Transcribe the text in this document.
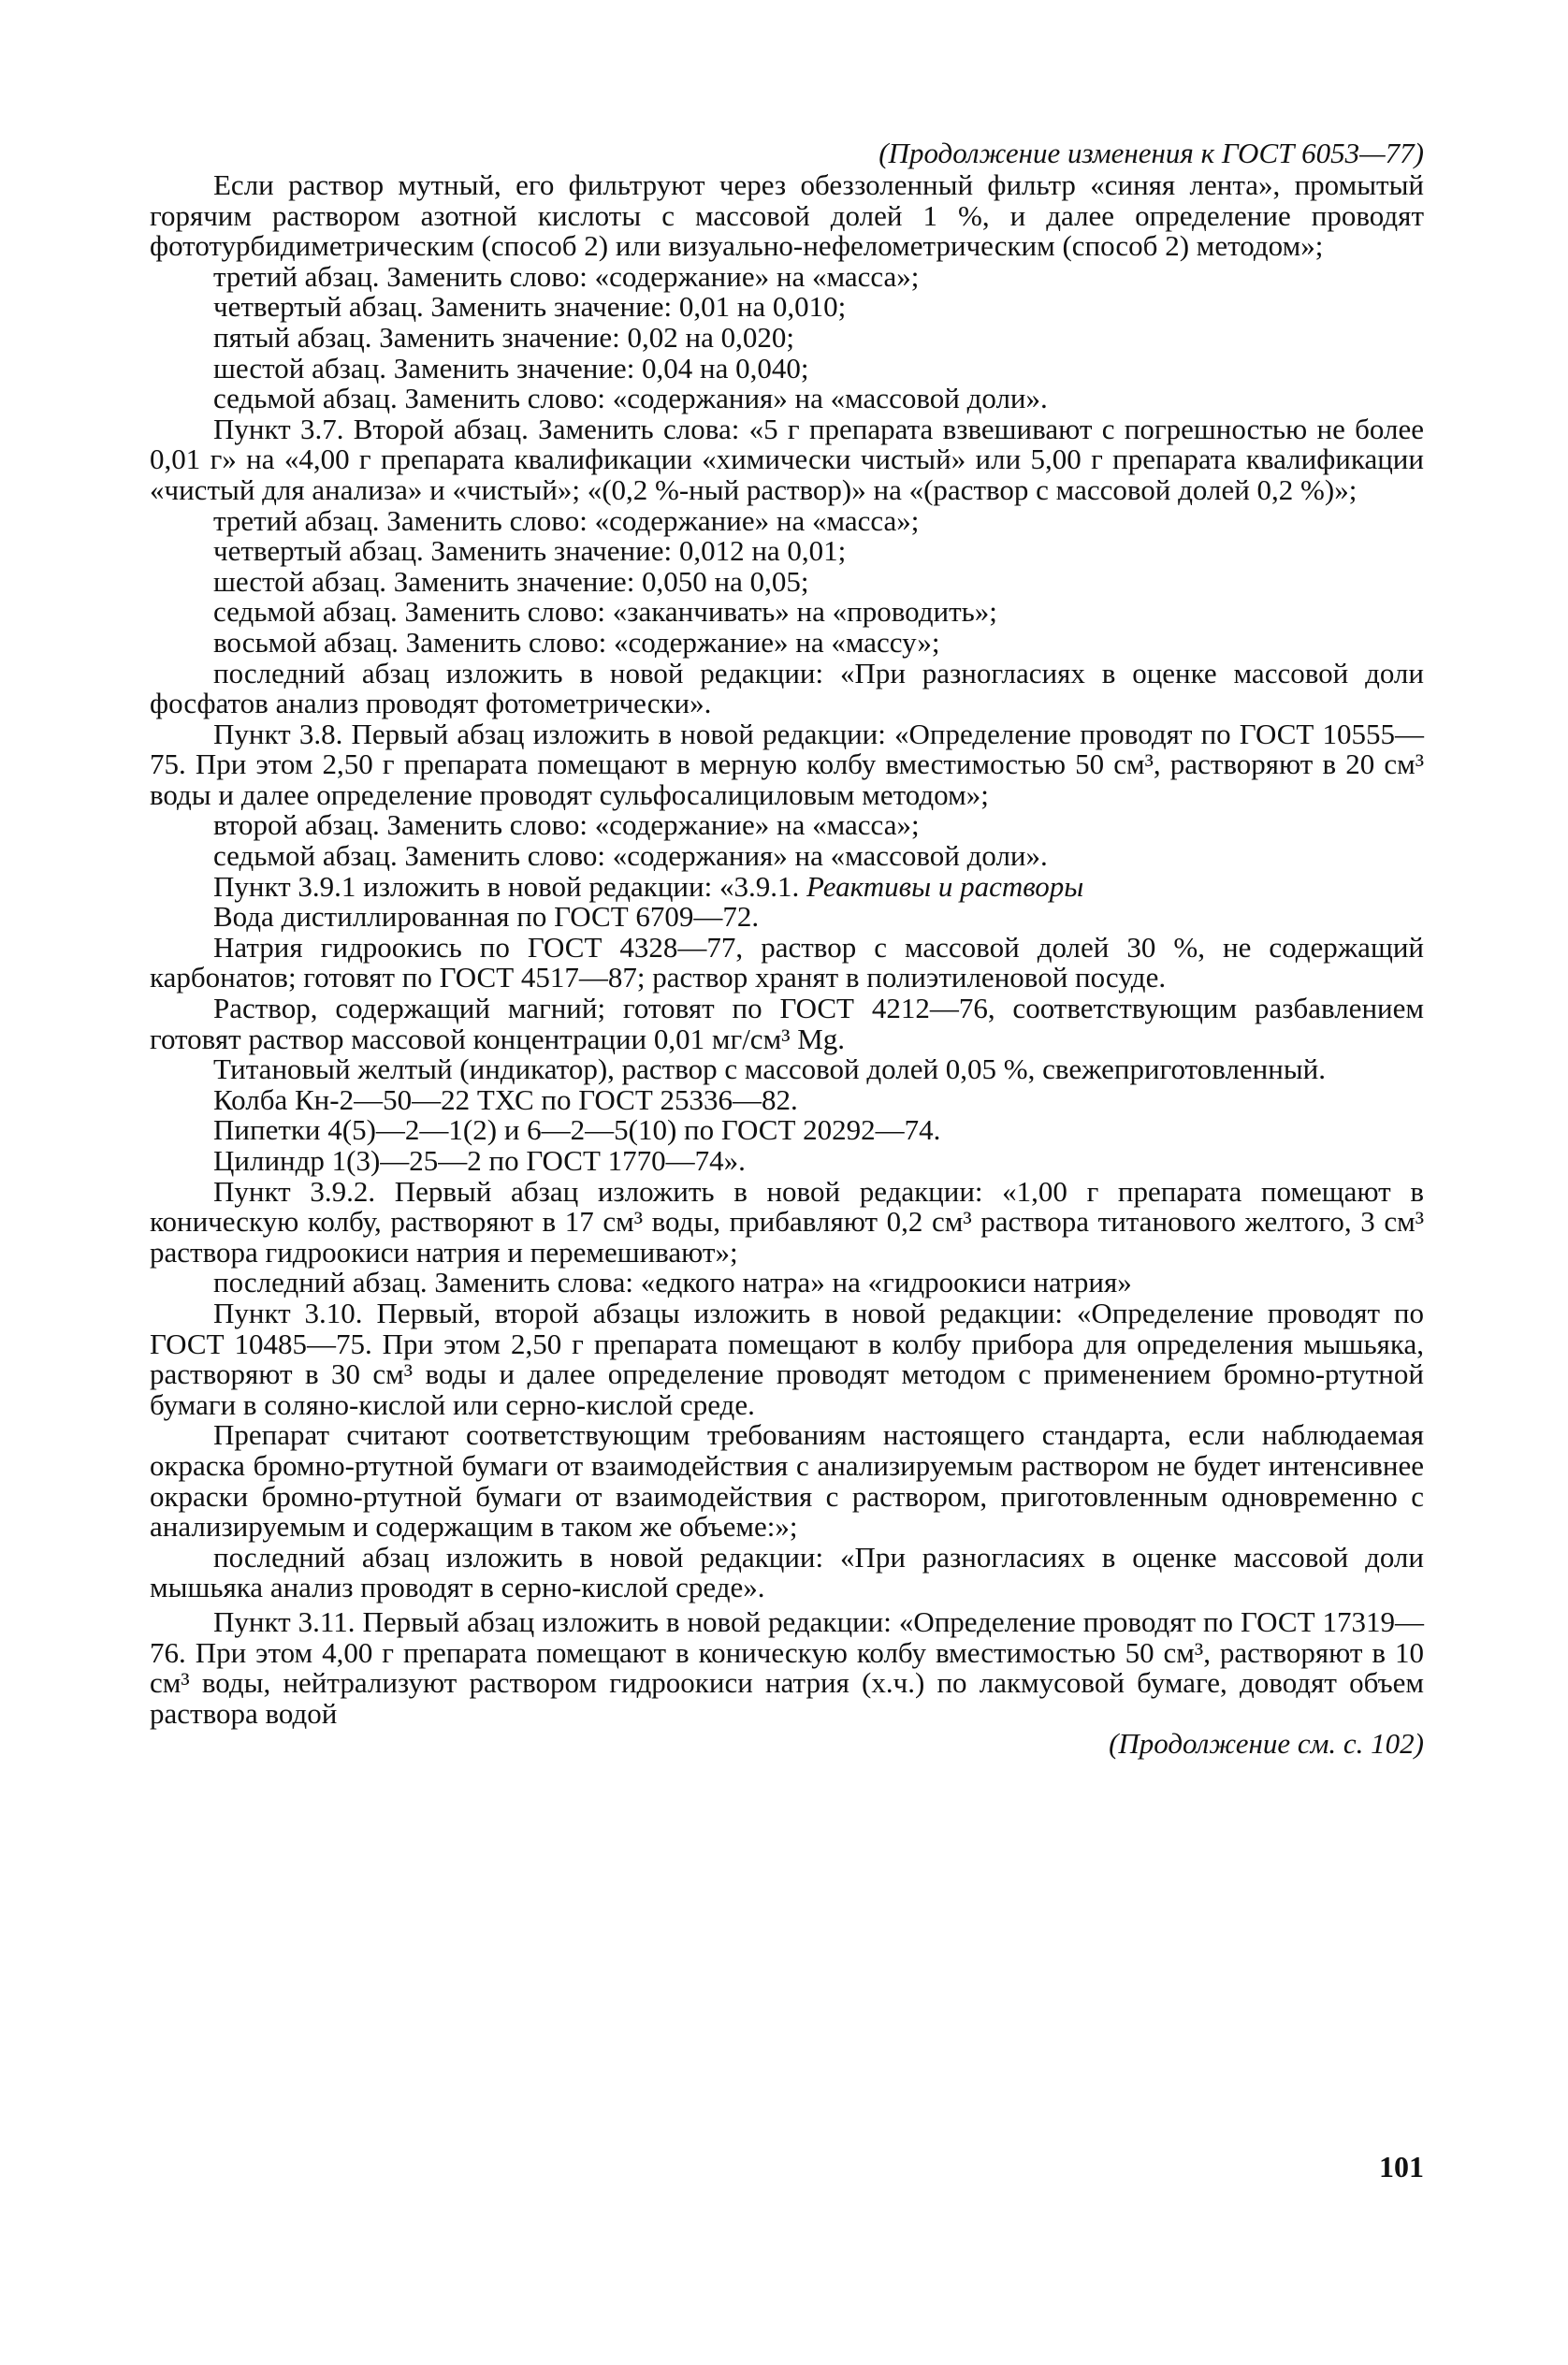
(Продолжение изменения к ГОСТ 6053—77)

Если раствор мутный, его фильтруют через обеззоленный фильтр «синяя лента», промытый горячим раствором азотной кислоты с массовой долей 1 %, и далее определение проводят фототурбидиметрическим (способ 2) или визуально-нефелометрическим (способ 2) методом»;

третий абзац. Заменить слово: «содержание» на «масса»;

четвертый абзац. Заменить значение: 0,01 на 0,010;

пятый абзац. Заменить значение: 0,02 на 0,020;

шестой абзац. Заменить значение: 0,04 на 0,040;

седьмой абзац. Заменить слово: «содержания» на «массовой доли».

Пункт 3.7. Второй абзац. Заменить слова: «5 г препарата взвешивают с погрешностью не более 0,01 г» на «4,00 г препарата квалификации «химически чистый» или 5,00 г препарата квалификации «чистый для анализа» и «чистый»; «(0,2 %-ный раствор)» на «(раствор с массовой долей 0,2 %)»;

третий абзац. Заменить слово: «содержание» на «масса»;

четвертый абзац. Заменить значение: 0,012 на 0,01;

шестой абзац. Заменить значение: 0,050 на 0,05;

седьмой абзац. Заменить слово: «заканчивать» на «проводить»;

восьмой абзац. Заменить слово: «содержание» на «массу»;

последний абзац изложить в новой редакции: «При разногласиях в оценке массовой доли фосфатов анализ проводят фотометрически».

Пункт 3.8. Первый абзац изложить в новой редакции: «Определение проводят по ГОСТ 10555—75. При этом 2,50 г препарата помещают в мерную колбу вместимостью 50 см³, растворяют в 20 см³ воды и далее определение проводят сульфосалициловым методом»;

второй абзац. Заменить слово: «содержание» на «масса»;

седьмой абзац. Заменить слово: «содержания» на «массовой доли».

Пункт 3.9.1 изложить в новой редакции: «3.9.1. Реактивы и растворы

Вода дистиллированная по ГОСТ 6709—72.

Натрия гидроокись по ГОСТ 4328—77, раствор с массовой долей 30 %, не содержащий карбонатов; готовят по ГОСТ 4517—87; раствор хранят в полиэтиленовой посуде.

Раствор, содержащий магний; готовят по ГОСТ 4212—76, соответствующим разбавлением готовят раствор массовой концентрации 0,01 мг/см³ Mg.

Титановый желтый (индикатор), раствор с массовой долей 0,05 %, свежеприготовленный.

Колба Кн-2—50—22 ТХС по ГОСТ 25336—82.

Пипетки 4(5)—2—1(2) и 6—2—5(10) по ГОСТ 20292—74.

Цилиндр 1(3)—25—2 по ГОСТ 1770—74».

Пункт 3.9.2. Первый абзац изложить в новой редакции: «1,00 г препарата помещают в коническую колбу, растворяют в 17 см³ воды, прибавляют 0,2 см³ раствора титанового желтого, 3 см³ раствора гидроокиси натрия и перемешивают»;

последний абзац. Заменить слова: «едкого натра» на «гидроокиси натрия»

Пункт 3.10. Первый, второй абзацы изложить в новой редакции: «Определение проводят по ГОСТ 10485—75. При этом 2,50 г препарата помещают в колбу прибора для определения мышьяка, растворяют в 30 см³ воды и далее определение проводят методом с применением бромно-ртутной бумаги в соляно-кислой или серно-кислой среде.

Препарат считают соответствующим требованиям настоящего стандарта, если наблюдаемая окраска бромно-ртутной бумаги от взаимодействия с анализируемым раствором не будет интенсивнее окраски бромно-ртутной бумаги от взаимодействия с раствором, приготовленным одновременно с анализируемым и содержащим в таком же объеме:»;

последний абзац изложить в новой редакции: «При разногласиях в оценке массовой доли мышьяка анализ проводят в серно-кислой среде».

Пункт 3.11. Первый абзац изложить в новой редакции: «Определение проводят по ГОСТ 17319—76. При этом 4,00 г препарата помещают в коническую колбу вместимостью 50 см³, растворяют в 10 см³ воды, нейтрализуют раствором гидроокиси натрия (х.ч.) по лакмусовой бумаге, доводят объем раствора водой

(Продолжение см. с. 102)
101
